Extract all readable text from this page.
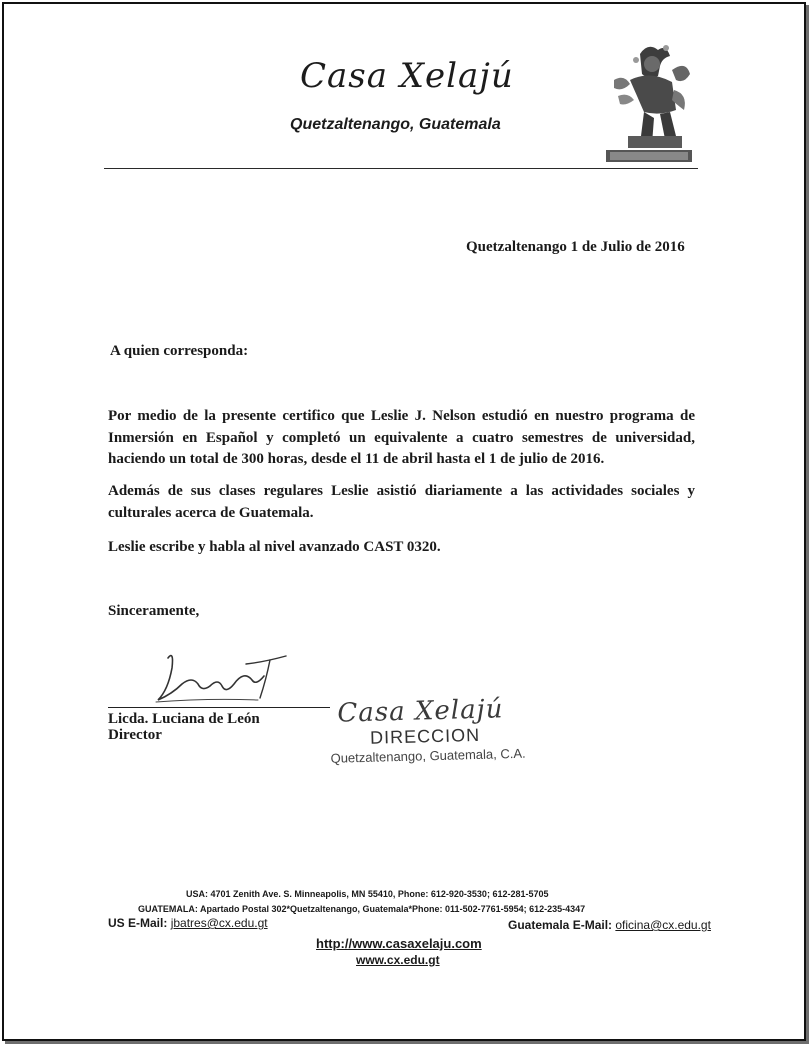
Casa Xelajú
Quetzaltenango, Guatemala
Quetzaltenango 1 de Julio de 2016
A quien corresponda:
Por medio de la presente certifico que Leslie J. Nelson estudió en nuestro programa de Inmersión en Español y completó un equivalente a cuatro semestres de universidad, haciendo un total de 300 horas, desde el 11 de abril hasta el 1 de julio de 2016.
Además de sus clases regulares Leslie asistió diariamente a las actividades sociales y culturales acerca de Guatemala.
Leslie escribe y habla al nivel avanzado CAST 0320.
Sinceramente,
Licda. Luciana de León
Director
Casa Xelajú
DIRECCION
Quetzaltenango, Guatemala, C.A.
USA: 4701 Zenith Ave. S. Minneapolis, MN 55410, Phone: 612-920-3530; 612-281-5705
GUATEMALA: Apartado Postal 302*Quetzaltenango, Guatemala*Phone: 011-502-7761-5954; 612-235-4347
US E-Mail: jbatres@cx.edu.gt	Guatemala E-Mail: oficina@cx.edu.gt
http://www.casaxelaju.com
www.cx.edu.gt
